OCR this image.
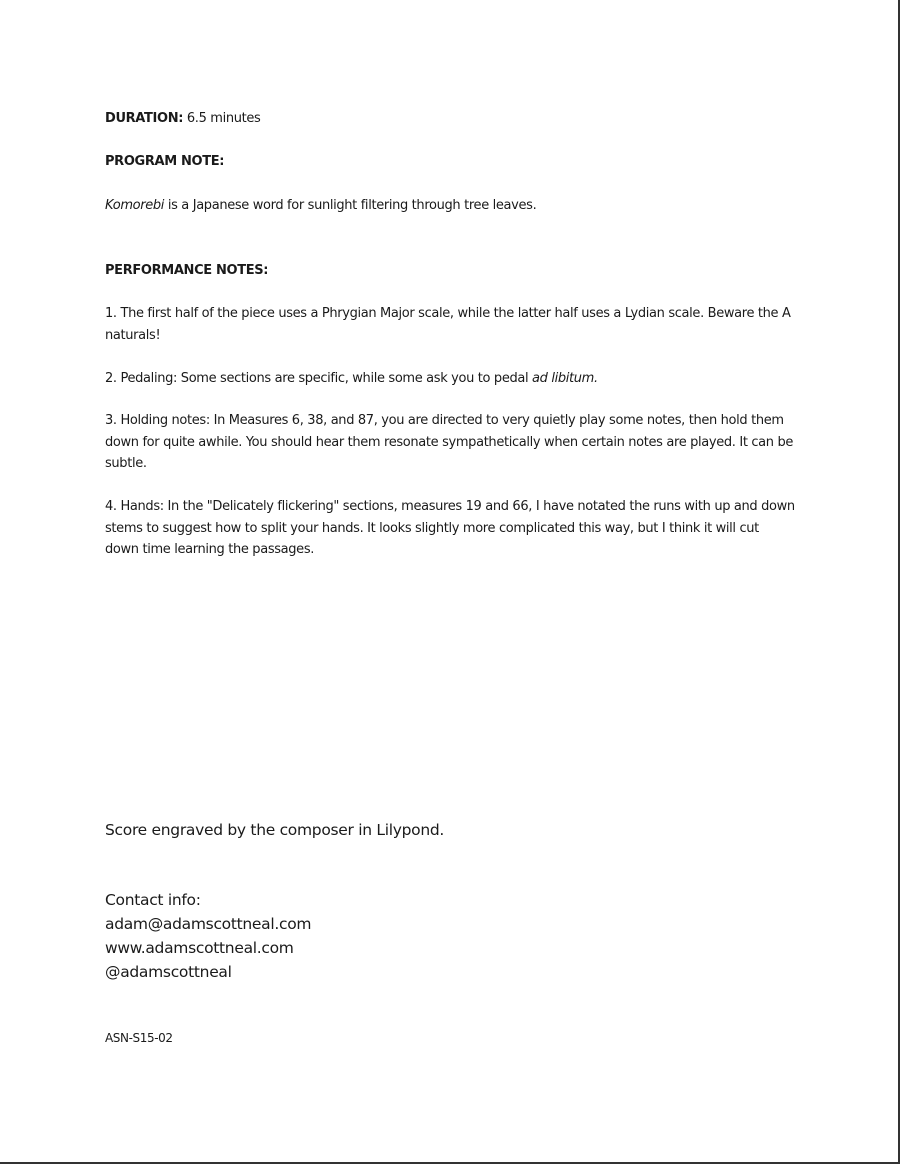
DURATION: 6.5 minutes
PROGRAM NOTE:
Komorebi is a Japanese word for sunlight filtering through tree leaves.
PERFORMANCE NOTES:
1. The first half of the piece uses a Phrygian Major scale, while the latter half uses a Lydian scale. Beware the A naturals!
2. Pedaling: Some sections are specific, while some ask you to pedal ad libitum.
3. Holding notes: In Measures 6, 38, and 87, you are directed to very quietly play some notes, then hold them down for quite awhile. You should hear them resonate sympathetically when certain notes are played. It can be subtle.
4. Hands: In the "Delicately flickering" sections, measures 19 and 66, I have notated the runs with up and down stems to suggest how to split your hands. It looks slightly more complicated this way, but I think it will cut down time learning the passages.
Score engraved by the composer in Lilypond.
Contact info:
adam@adamscottneal.com
www.adamscottneal.com
@adamscottneal
ASN-S15-02
